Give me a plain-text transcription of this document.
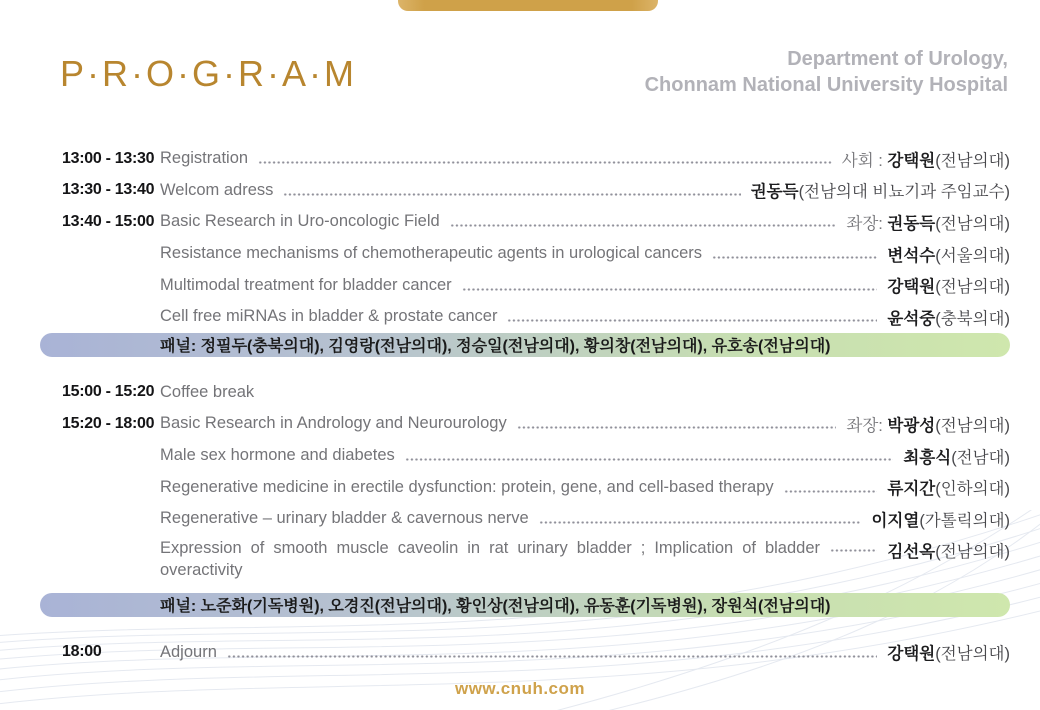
P·R·O·G·R·A·M	Department of Urology,
Chonnam National University Hospital
13:00 - 13:30 Registration	사회 : 강택원(전남의대)
13:30 - 13:40 Welcom adress	권동득(전남의대 비뇨기과 주임교수)
13:40 - 15:00 Basic Research in Uro-oncologic Field	좌장: 권동득(전남의대)
Resistance mechanisms of chemotherapeutic agents in urological cancers	변석수(서울의대)
Multimodal treatment for bladder cancer	강택원(전남의대)
Cell free miRNAs in bladder & prostate cancer	윤석중(충북의대)
패널: 정필두(충북의대), 김영랑(전남의대), 정승일(전남의대), 황의창(전남의대), 유호송(전남의대)
15:00 - 15:20 Coffee break
15:20 - 18:00 Basic Research in Andrology and Neurourology	좌장: 박광성(전남의대)
Male sex hormone and diabetes	최흥식(전남대)
Regenerative medicine in erectile dysfunction: protein, gene, and cell-based therapy	류지간(인하의대)
Regenerative – urinary bladder & cavernous nerve	이지열(가톨릭의대)
Expression of smooth muscle caveolin in rat urinary bladder ; Implication of bladder overactivity
김선옥(전남의대)
패널: 노준화(기독병원), 오경진(전남의대), 황인상(전남의대), 유동훈(기독병원), 장원석(전남의대)
18:00	Adjourn	강택원(전남의대)
www.cnuh.com
